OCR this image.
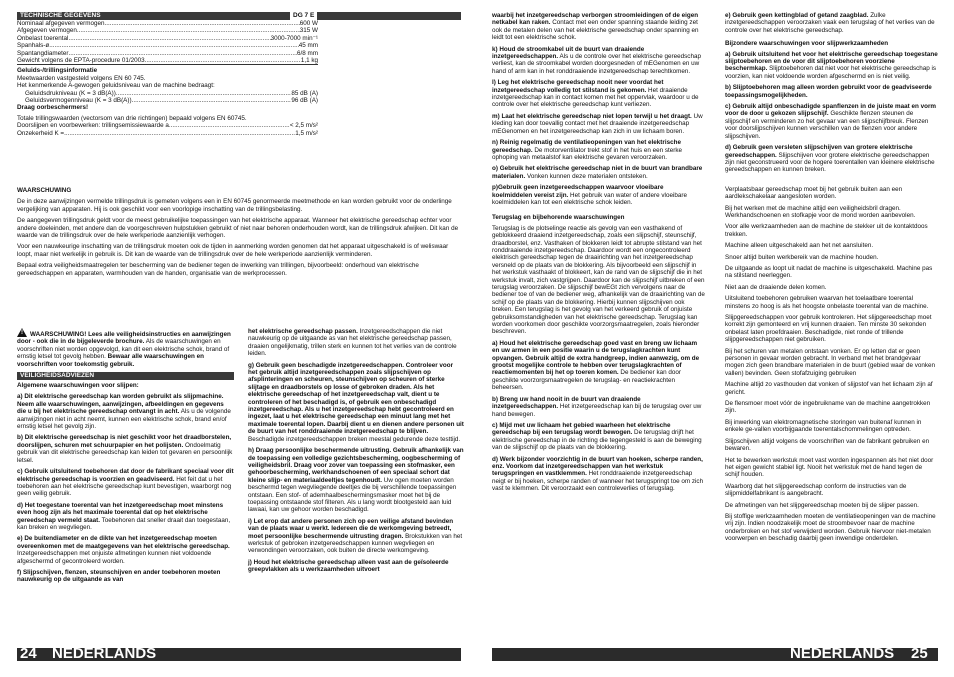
TECHNISCHE GEGEVENS	DG 7 E
Nominaal afgegeven vermogen .....	600 W
Afgegeven vermogen .....	315 W
Onbelast toerental .....	3000-7000 min⁻¹
Spanhals-ø .....	45 mm
Spantangdiameter .....	6/8 mm
Gewicht volgens de EPTA-procedure 01/2003 .....	1,1 kg
Geluids-/trillingsinformatie
Meetwaarden vastgesteld volgens EN 60 745.
Het kenmerkende A-gewogen geluidsniveau van de machine bedraagt:
Geluidsdrukniveau (K = 3 dB(A)) .....	85 dB (A)
Geluidsvermogenniveau (K = 3 dB(A)) .....	96 dB (A)
Draag oorbeschermers!
Totale trillingswaarden (vectorsom van drie richtingen) bepaald volgens EN 60745.
Doorslijpen en voorbewerken: trillingsemissiewaarde a .....	< 2,5 m/s²
Onzekerheid K = .....	1,5 m/s²
WAARSCHUWING

De in deze aanwijzingen vermelde trillingsdruk is gemeten volgens een in EN 60745 genormeerde meetmethode en kan worden gebruikt voor de onderlinge vergelijking van apparaten. Hij is ook geschikt voor een voorlopige inschatting van de trillingsbelasting.

De aangegeven trillingsdruk geldt voor de meest gebruikelijke toepassingen van het elektrische apparaat. Wanneer het elektrische gereedschap echter voor andere doeleinden, met andere dan de voorgeschreven hulpstukken gebruikt of niet naar behoren onderhouden wordt, kan de trillingsdruk afwijken. Dit kan de waarde van de trillingsdruk over de hele werkperiode aanzienlijk verhogen.

Voor een nauwkeurige inschatting van de trillingsdruk moeten ook de tijden in aanmerking worden genomen dat het apparaat uitgeschakeld is of weliswaar loopt, maar niet werkelijk in gebruik is. Dit kan de waarde van de trillingsdruk over de hele werkperiode aanzienlijk verminderen.

Bepaal extra veiligheidsmaatregelen ter bescherming van de bediener tegen de inwerking van trillingen, bijvoorbeeld: onderhoud van elektrische gereedschappen en apparaten, warmhouden van de handen, organisatie van de werkprocessen.

! WAARSCHUWING! Lees alle veiligheidsinstructies en aanwijzingen door - ook die in de bijgeleverde brochure. Als de waarschuwingen en voorschriften niet worden opgevolgd, kan dit een elektrische schok, brand of ernstig letsel tot gevolg hebben. Bewaar alle waarschuwingen en voorschriften voor toekomstig gebruik.
VEILIGHEIDSADVIEZEN
Algemene waarschuwingen voor slijpen:

a) Dit elektrische gereedschap kan worden gebruikt als slijpmachine. Neem alle waarschuwingen, aanwijzingen, afbeeldingen en gegevens die u bij het elektrische gereedschap ontvangt in acht. Als u de volgende aanwijzingen niet in acht neemt, kunnen een elektrische schok, brand en/of ernstig letsel het gevolg zijn.

b) Dit elektrische gereedschap is niet geschikt voor het draadborstelen, doorslijpen, schuren met schuurpapier en het polijsten. Ondoelmatig gebruik van dit elektrische gereedschap kan leiden tot gevaren en persoonlijk letsel.

c) Gebruik uitsluitend toebehoren dat door de fabrikant speciaal voor dit elektrische gereedschap is voorzien en geadviseerd. Het feit dat u het toebehoren aan het elektrische gereedschap kunt bevestigen, waarborgt nog geen veilig gebruik.

d) Het toegestane toerental van het inzetgereedschap moet minstens even hoog zijn als het maximale toerental dat op het elektrische gereedschap vermeld staat. Toebehoren dat sneller draait dan toegestaan, kan breken en wegvliegen.

e) De buitendiameter en de dikte van het inzetgereedschap moeten overeenkomen met de maatgegevens van het elektrische gereedschap. Inzetgereedschappen met onjuiste afmetingen kunnen niet voldoende afgeschermd of gecontroleerd worden.

f) Slijpschijven, flenzen, steunschijven en ander toebehoren moeten nauwkeurig op de uitgaande as van

het elektrische gereedschap passen. Inzetgereedschappen die niet nauwkeurig op de uitgaande as van het elektrische gereedschap passen, draaien ongelijkmatig, trillen sterk en kunnen tot het verlies van de controle leiden.

g) Gebruik geen beschadigde inzetgereedschappen. Controleer voor het gebruik altijd inzetgereedschappen zoals slijpschijven op afsplinteringen en scheuren, steunschijven op scheuren of sterke slijtage en draadborstels op losse of gebroken draden. Als het elektrische gereedschap of het inzetgereedschap valt, dient u te controleren of het beschadigd is, of gebruik een onbeschadigd inzetgereedschap. Als u het inzetgereedschap hebt gecontroleerd en ingezet, laat u het elektrische gereedschap een minuut lang met het maximale toerental lopen. Daarbij dient u en dienen andere personen uit de buurt van het ronddraaiende inzetgereedschap te blijven. Beschadigde inzetgereedschappen breken meestal gedurende deze testtijd.

h) Draag persoonlijke beschermende uitrusting. Gebruik afhankelijk van de toepassing een volledige gezichtsbescherming, oogbescherming of veiligheidsbril. Draag voor zover van toepassing een stofmasker, een gehoorbescherming, werkhandschoenen of een speciaal schort dat kleine slijp- en materiaaldeeltjes tegenhoudt. Uw ogen moeten worden beschermd tegen wegvliegende deeltjes die bij verschillende toepassingen ontstaan. Een stof- of ademhaalbeschermingsmasker moet het bij de toepassing ontstaande stof filteren. Als u lang wordt blootgesteld aan luid lawaai, kan uw gehoor worden beschadigd.

i) Let erop dat andere personen zich op een veilige afstand bevinden van de plaats waar u werkt. Iedereen die de werkomgeving betreedt, moet persoonlijke beschermende uitrusting dragen. Brokstukken van het werkstuk of gebroken inzetgereedschappen kunnen wegvliegen en verwondingen veroorzaken, ook buiten de directe werkomgeving.

j) Houd het elektrische gereedschap alleen vast aan de geïsoleerde greepvlakken als u werkzaamheden uitvoert

24 NEDERLANDS

waarbij het inzetgereedschap verborgen stroomleidingen of de eigen netkabel kan raken. Contact met een onder spanning staande leiding zet ook de metalen delen van het elektrische gereedschap onder spanning en leidt tot een elektrische schok.

k) Houd de stroomkabel uit de buurt van draaiende inzetgereedschappen. Als u de controle over het elektrische gereedschap verliest, kan de stroomkabel worden doorgesneden of mEGenomen en uw hand of arm kan in het ronddraaiende inzetgereedschap terechtkomen.

l) Leg het elektrische gereedschap nooit neer voordat het inzetgereedschap volledig tot stilstand is gekomen. Het draaiende inzetgereedschap kan in contact komen met het oppervlak, waardoor u de controle over het elektrische gereedschap kunt verliezen.

m) Laat het elektrische gereedschap niet lopen terwijl u het draagt. Uw kleding kan door toevallig contact met het draaiende inzetgereedschap mEGenomen en het inzetgereedschap kan zich in uw lichaam boren.

n) Reinig regelmatig de ventilatieopeningen van het elektrische gereedschap. De motorventilator trekt stof in het huis en een sterke ophoping van metaalstof kan elektrische gevaren veroorzaken.

o) Gebruik het elektrische gereedschap niet in de buurt van brandbare materialen. Vonken kunnen deze materialen ontsteken.

p)Gebruik geen inzetgereedschappen waarvoor vloeibare koelmiddelen vereist zijn. Het gebruik van water of andere vloeibare koelmiddelen kan tot een elektrische schok leiden.

Terugslag en bijbehorende waarschuwingen

Terugslag is de plotselinge reactie als gevolg van een vasthakend of geblokkeerd draaiend inzetgereedschap, zoals een slijpschijf, steunschijf, draadborstel, enz. Vasthaken of blokkeren leidt tot abrupte stilstand van het ronddraaiende inzetgereedschap. Daardoor wordt een ongecontroleerd elektrisch gereedschap tegen de draairichting van het inzetgereedschap versneld op de plaats van de blokkering. Als bijvoorbeeld een slijpschijf in het werkstuk vasthaakt of blokkeert, kan de rand van de slijpschijf die in het werkstuk invalt, zich vastgrijpen. Daardoor kan de slijpschijf uitbreken of een terugslag veroorzaken. De slijpschijf bewEGt zich vervolgens naar de bediener toe of van de bediener weg, afhankelijk van de draairichting van de schijf op de plaats van de blokkering. Hierbij kunnen slijpschijven ook breken. Een terugslag is het gevolg van het verkeerd gebruik of onjuiste gebruiksomstandigheden van het elektrische gereedschap. Terugslag kan worden voorkomen door geschikte voorzorgsmaatregelen, zoals hieronder beschreven.

a) Houd het elektrische gereedschap goed vast en breng uw lichaam en uw armen in een positie waarin u de terugslagkrachten kunt opvangen. Gebruik altijd de extra handgreep, indien aanwezig, om de grootst mogelijke controle te hebben over terugslagkrachten of reactiemomenten bij het op toeren komen. De bediener kan door geschikte voorzorgsmaatregelen de terugslag- en reactiekrachten beheersen.

b) Breng uw hand nooit in de buurt van draaiende inzetgereedschappen. Het inzetgereedschap kan bij de terugslag over uw hand bewegen.

c) Mijd met uw lichaam het gebied waarheen het elektrische gereedschap bij een terugslag wordt bewogen. De terugslag drijft het elektrische gereedschap in de richting die tegengesteld is aan de beweging van de slijpschijf op de plaats van de blokkering.

d) Werk bijzonder voorzichtig in de buurt van hoeken, scherpe randen, enz. Voorkom dat inzetgereedschappen van het werkstuk terugspringen en vastklemmen. Het ronddraaiende inzetgereedschap neigt er bij hoeken, scherpe randen of wanneer het terugspringt toe om zich vast te klemmen. Dit veroorzaakt een controleverlies of terugslag.

e) Gebruik geen kettingblad of getand zaagblad. Zulke inzetgereedschappen veroorzaken vaak een terugslag of het verlies van de controle over het elektrische gereedschap.

Bijzondere waarschuwingen voor slijpwerkzaamheden

a) Gebruik uitsluitend het voor het elektrische gereedschap toegestane slijptoebehoren en de voor dit slijptoebehoren voorziene beschermkap. Slijptoebehoren dat niet voor het elektrische gereedschap is voorzien, kan niet voldoende worden afgeschermd en is niet veilig.

b) Slijptoebehoren mag alleen worden gebruikt voor de geadviseerde toepassingsmogelijkheden.

c) Gebruik altijd onbeschadigde spanflenzen in de juiste maat en vorm voor de door u gekozen slijpschijf. Geschikte flenzen steunen de slijpschijf en verminderen zo het gevaar van een slijpschijfbreuk. Flenzen voor doorslijpschijven kunnen verschillen van de flenzen voor andere slijpschijven.

d) Gebruik geen versleten slijpschijven van grotere elektrische gereedschappen. Slijpschijven voor grotere elektrische gereedschappen zijn niet geconstrueerd voor de hogere toerentallen van kleinere elektrische gereedschappen en kunnen breken.

Verplaatsbaar gereedschap moet bij het gebruik buiten aan een aardlekschakelaar aangesloten worden.

Bij het werken met de machine altijd een veiligheidsbril dragen. Werkhandschoenen en stofkapje voor de mond worden aanbevolen.

Voor alle werkzaamheden aan de machine de stekker uit de kontaktdoos trekken.

Machine alleen uitgeschakeld aan het net aansluiten.

Snoer altijd buiten werkbereik van de machine houden.

De uitgaande as loopt uit nadat de machine is uitgeschakeld. Machine pas na stilstand neerleggen.

Niet aan de draaiende delen komen.

Uitsluitend toebehoren gebruiken waarvan het toelaatbare toerental minstens zo hoog is als het hoogste onbelaste toerental van de machine.

Slijpgereedschappen voor gebruik kontroleren. Het slijpgereedschap moet korrekt zijn gemonteerd en vrij kunnen draaien. Ten minste 30 sekonden onbelast laten proefdraaien. Beschadigde, niet ronde of trillende slijpgereedschappen niet gebruiken.

Bij het schuren van metalen ontstaan vonken. Er op letten dat er geen personen in gevaar worden gebracht. In verband met het brandgevaar mogen zich geen brandbare materialen in de buurt (gebied waar de vonken vallen) bevinden. Geen stofafzuiging gebruiken

Machine altijd zo vasthouden dat vonken of slijpstof van het lichaam zijn af gericht.

De flensmoer moet vóór de ingebruikname van de machine aangetrokken zijn.

Bij inwerking van elektromagnetische storingen van buitenaf kunnen in enkele ge-vallen voorbijgaande toerentalschommelingen optreden.

Slijpschijven altijd volgens de voorschriften van de fabrikant gebruiken en bewaren.

Het te bewerken werkstuk moet vast worden ingespannen als het niet door het eigen gewicht stabiel ligt. Nooit het werkstuk met de hand tegen de schijf houden.

Waarborg dat het slijpgereedschap conform de instructies van de slijpmiddelfabrikant is aangebracht.

De afmetingen van het slijpgereedschap moeten bij de slijper passen.

Bij stoffige werkzaamheden moeten de ventilatieopeningen van de machine vrij zijn. Indien noodzakelijk moet de stroombevoer naar de machine onderbroken en het stof verwijderd worden. Gebruik hiervoor niet-metalen voorwerpen en beschadig daarbij geen inwendige onderdelen.

NEDERLANDS 25
